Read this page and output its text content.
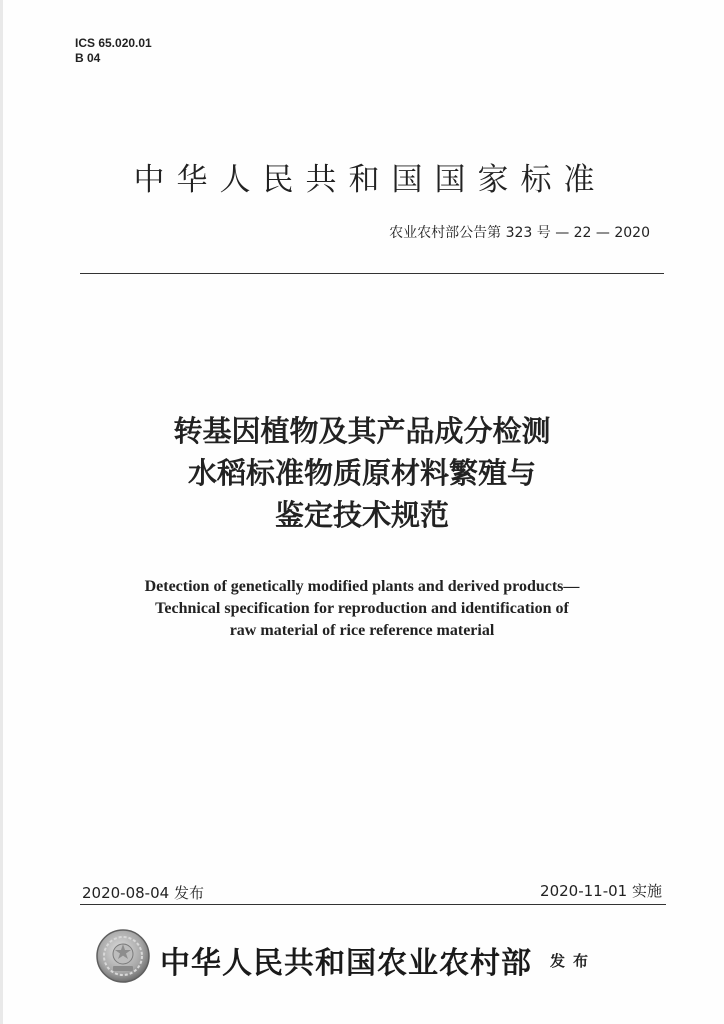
ICS 65.020.01
B 04
中华人民共和国国家标准
农业农村部公告第 323 号 — 22 — 2020
转基因植物及其产品成分检测
水稻标准物质原材料繁殖与
鉴定技术规范
Detection of genetically modified plants and derived products—
Technical specification for reproduction and identification of
raw material of rice reference material
2020-08-04 发布	2020-11-01 实施
中华人民共和国农业农村部 发布
